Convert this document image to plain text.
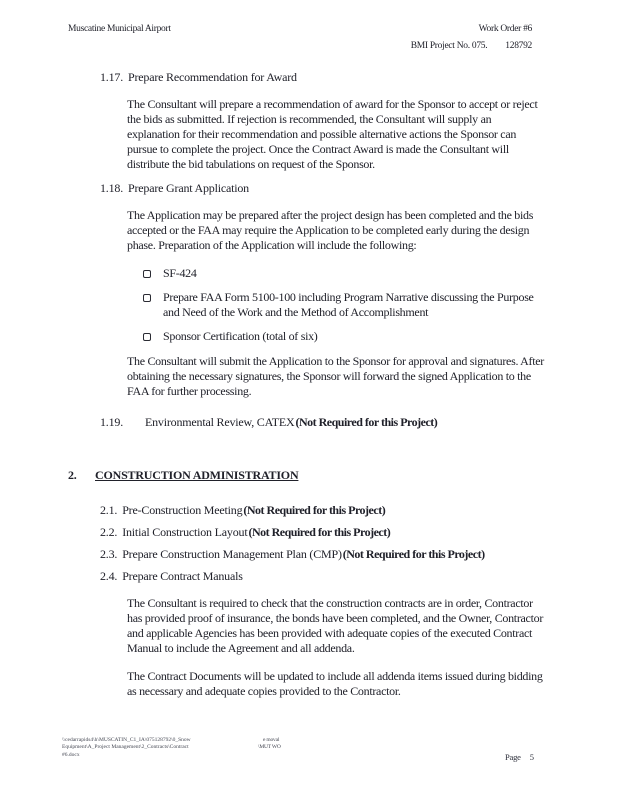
Muscatine Municipal Airport	Work Order #6
BMI Project No. 075. 128792
1.17. Prepare Recommendation for Award
The Consultant will prepare a recommendation of award for the Sponsor to accept or reject the bids as submitted. If rejection is recommended, the Consultant will supply an explanation for their recommendation and possible alternative actions the Sponsor can pursue to complete the project. Once the Contract Award is made the Consultant will distribute the bid tabulations on request of the Sponsor.
1.18. Prepare Grant Application
The Application may be prepared after the project design has been completed and the bids accepted or the FAA may require the Application to be completed early during the design phase. Preparation of the Application will include the following:
SF-424
Prepare FAA Form 5100-100 including Program Narrative discussing the Purpose and Need of the Work and the Method of Accomplishment
Sponsor Certification (total of six)
The Consultant will submit the Application to the Sponsor for approval and signatures. After obtaining the necessary signatures, the Sponsor will forward the signed Application to the FAA for further processing.
1.19. Environmental Review, CATEX(Not Required for this Project)
2. CONSTRUCTION ADMINISTRATION
2.1. Pre-Construction Meeting(Not Required for this Project)
2.2. Initial Construction Layout(Not Required for this Project)
2.3. Prepare Construction Management Plan (CMP)(Not Required for this Project)
2.4. Prepare Contract Manuals
The Consultant is required to check that the construction contracts are in order, Contractor has provided proof of insurance, the bonds have been completed, and the Owner, Contractor and applicable Agencies has been provided with adequate copies of the executed Contract Manual to include the Agreement and all addenda.
The Contract Documents will be updated to include all addenda items issued during bidding as necessary and adequate copies provided to the Contractor.
\\cedarrapids4\h\MUSCATIN_C1_IA\075128792\0_Snow
Equipment\A_Project Management\2_Contracts\Contract
#6.docx
e moval
\MUT WO
Page 5
